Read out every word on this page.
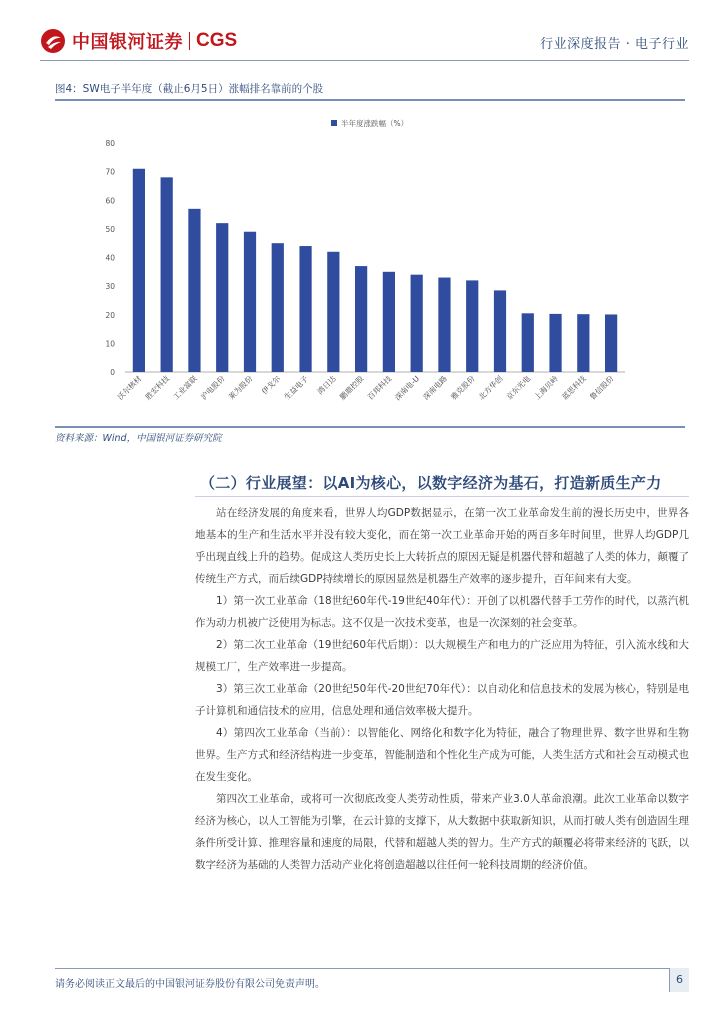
中国银河证券 CGS	行业深度报告 · 电子行业
图4：SW电子半年度（截止6月5日）涨幅排名靠前的个股
半年度涨跌幅（%）
0
10
20
30
40
50
60
70
80
沃尔核材 胜宏科技 工业富联 沪电股份 莱为股份 伊戈尔 生益电子 鸿日达 鹏鼎控股 百邦科技 深南电-U 深南电路 雅克股份 北方华创 京东光电 上海贝岭 蓝思科技 鲁信股份
资料来源：Wind，中国银河证券研究院
（二）行业展望：以AI为核心，以数字经济为基石，打造新质生产力

站在经济发展的角度来看，世界人均GDP数据显示，在第一次工业革命发生前的漫长历史中，世界各地基本的生产和生活水平并没有较大变化，而在第一次工业革命开始的两百多年时间里，世界人均GDP几乎出现直线上升的趋势。促成这人类历史长上大转折点的原因无疑是机器代替和超越了人类的体力，颠覆了传统生产方式，而后续GDP持续增长的原因显然是机器生产效率的逐步提升，百年间来有大变。

1）第一次工业革命（18世纪60年代-19世纪40年代）：开创了以机器代替手工劳作的时代，以蒸汽机作为动力机被广泛使用为标志。这不仅是一次技术变革，也是一次深刻的社会变革。

2）第二次工业革命（19世纪60年代后期）：以大规模生产和电力的广泛应用为特征，引入流水线和大规模工厂，生产效率进一步提高。

3）第三次工业革命（20世纪50年代-20世纪70年代）：以自动化和信息技术的发展为核心，特别是电子计算机和通信技术的应用，信息处理和通信效率极大提升。

4）第四次工业革命（当前）：以智能化、网络化和数字化为特征，融合了物理世界、数字世界和生物世界。生产方式和经济结构进一步变革，智能制造和个性化生产成为可能，人类生活方式和社会互动模式也在发生变化。

第四次工业革命，或将可一次彻底改变人类劳动性质，带来产业3.0人革命浪潮。此次工业革命以数字经济为核心，以人工智能为引擎，在云计算的支撑下，从大数据中获取新知识，从而打破人类有创造固生理条件所受计算、推理容量和速度的局限，代替和超越人类的智力。生产方式的颠覆必将带来经济的飞跃，以数字经济为基础的人类智力活动产业化将创造超越以往任何一轮科技周期的经济价值。

请务必阅读正文最后的中国银河证券股份有限公司免责声明。	6
